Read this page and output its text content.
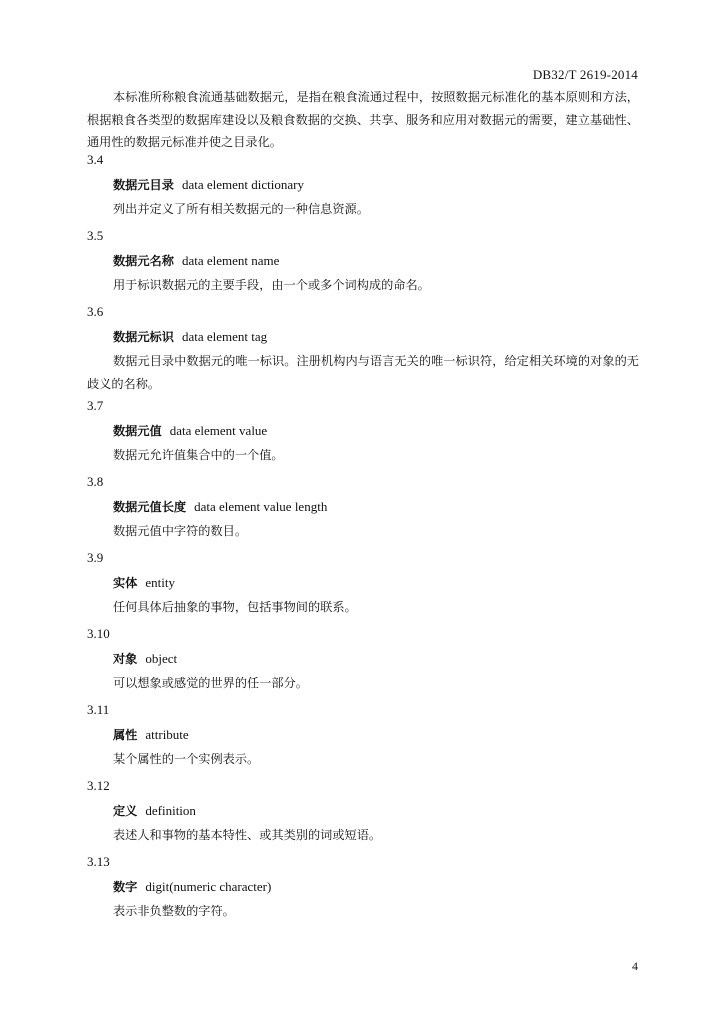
DB32/T 2619-2014

本标准所称粮食流通基础数据元，是指在粮食流通过程中，按照数据元标准化的基本原则和方法，根据粮食各类型的数据库建设以及粮食数据的交换、共享、服务和应用对数据元的需要，建立基础性、通用性的数据元标准并使之目录化。

3.4
数据元目录 data element dictionary

列出并定义了所有相关数据元的一种信息资源。

3.5
数据元名称 data element name

用于标识数据元的主要手段，由一个或多个词构成的命名。

3.6
数据元标识 data element tag

数据元目录中数据元的唯一标识。注册机构内与语言无关的唯一标识符，给定相关环境的对象的无歧义的名称。

3.7
数据元值 data element value

数据元允许值集合中的一个值。

3.8
数据元值长度 data element value length

数据元值中字符的数目。

3.9
实体 entity

任何具体后抽象的事物，包括事物间的联系。

3.10
对象 object

可以想象或感觉的世界的任一部分。

3.11
属性 attribute

某个属性的一个实例表示。

3.12
定义 definition

表述人和事物的基本特性、或其类别的词或短语。

3.13
数字 digit(numeric character)

表示非负整数的字符。

4
